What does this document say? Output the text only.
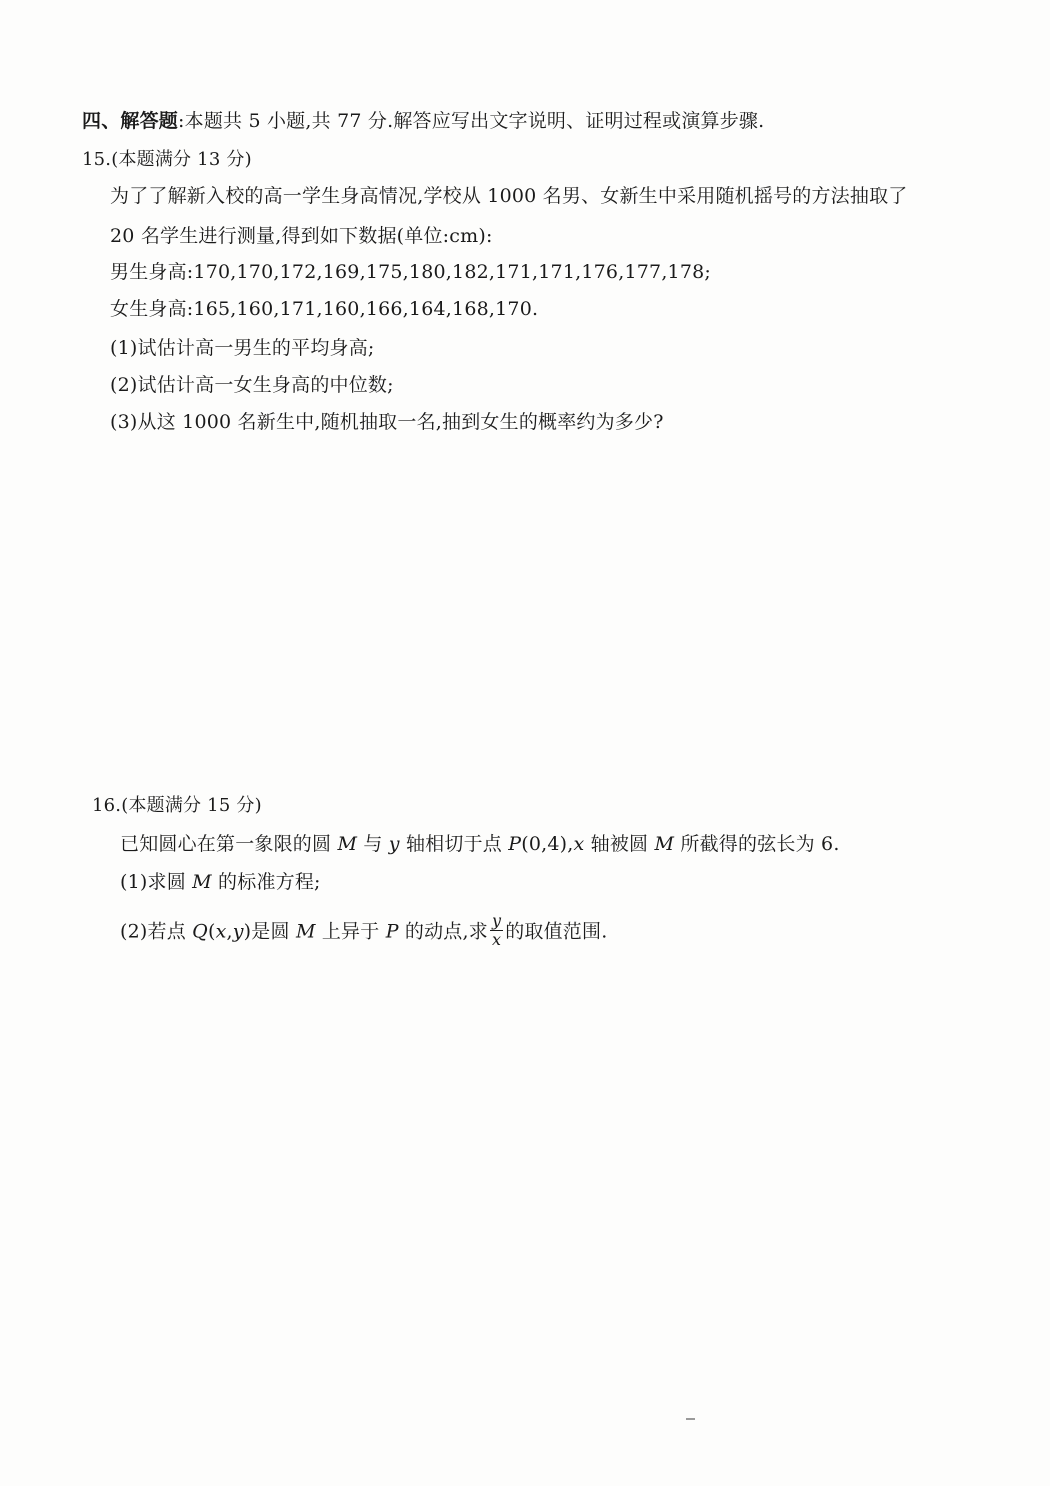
四、解答题:本题共 5 小题,共 77 分.解答应写出文字说明、证明过程或演算步骤.
15.(本题满分 13 分)
为了了解新入校的高一学生身高情况,学校从 1000 名男、女新生中采用随机摇号的方法抽取了
20 名学生进行测量,得到如下数据(单位:cm):
男生身高:170,170,172,169,175,180,182,171,171,176,177,178;
女生身高:165,160,171,160,166,164,168,170.
(1)试估计高一男生的平均身高;
(2)试估计高一女生身高的中位数;
(3)从这 1000 名新生中,随机抽取一名,抽到女生的概率约为多少?
16.(本题满分 15 分)
已知圆心在第一象限的圆 M 与 y 轴相切于点 P(0,4),x 轴被圆 M 所截得的弦长为 6.
(1)求圆 M 的标准方程;
(2)若点 Q(x,y)是圆 M 上异于 P 的动点,求 $\frac{y}{x}$ 的取值范围.
